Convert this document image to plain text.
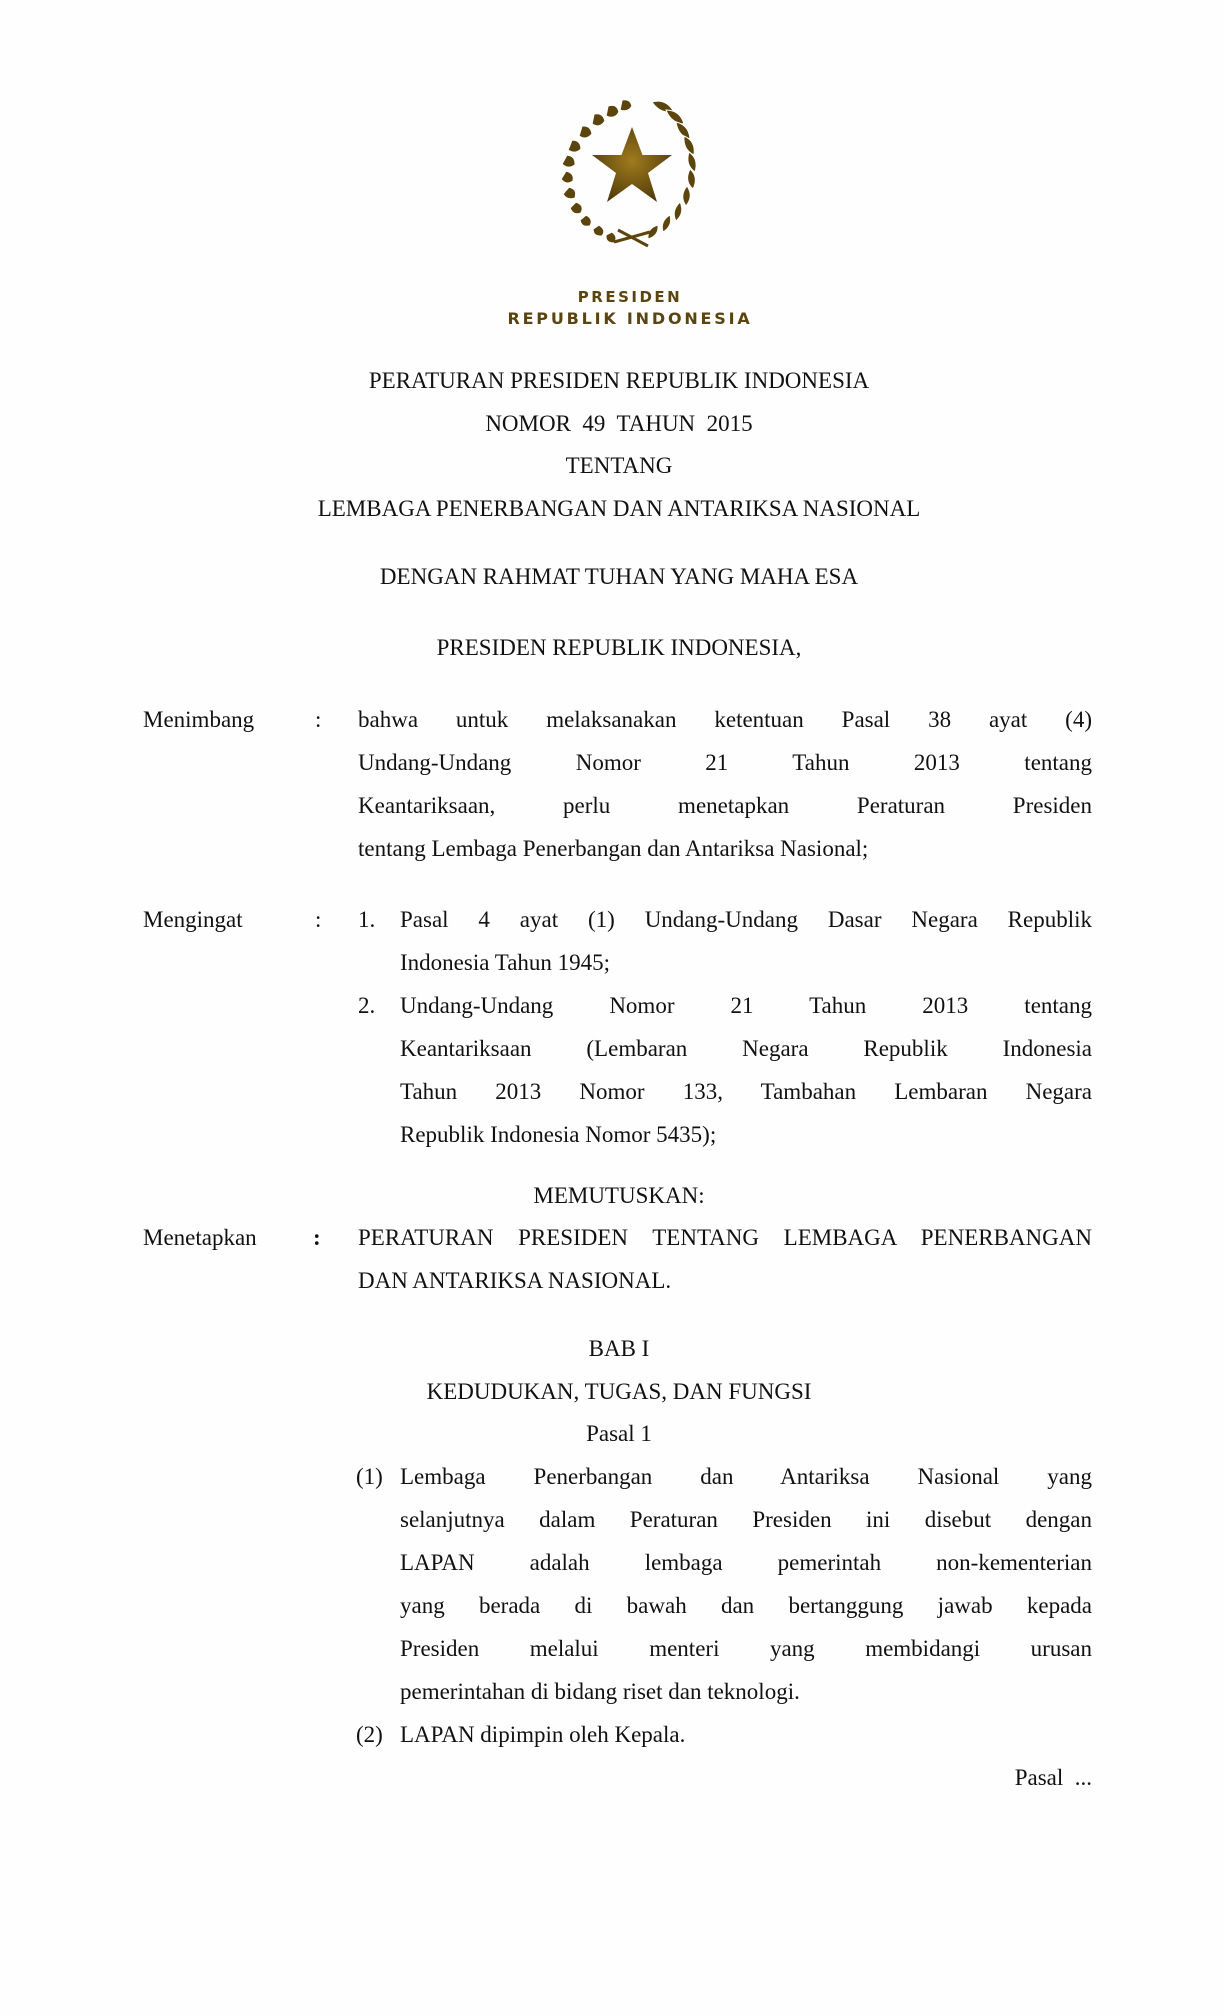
PRESIDEN
REPUBLIK INDONESIA
PERATURAN PRESIDEN REPUBLIK INDONESIA
NOMOR  49  TAHUN  2015
TENTANG
LEMBAGA PENERBANGAN DAN ANTARIKSA NASIONAL
DENGAN RAHMAT TUHAN YANG MAHA ESA
PRESIDEN REPUBLIK INDONESIA,
Menimbang	: bahwa untuk melaksanakan ketentuan Pasal 38 ayat (4)
Undang-Undang Nomor 21 Tahun 2013 tentang
Keantariksaan, perlu menetapkan Peraturan Presiden
tentang Lembaga Penerbangan dan Antariksa Nasional;
Mengingat	: 1. Pasal 4 ayat (1) Undang-Undang Dasar Negara Republik
Indonesia Tahun 1945;
2. Undang-Undang Nomor 21 Tahun 2013 tentang
Keantariksaan (Lembaran Negara Republik Indonesia
Tahun 2013 Nomor 133, Tambahan Lembaran Negara
Republik Indonesia Nomor 5435);
MEMUTUSKAN:
Menetapkan : PERATURAN PRESIDEN TENTANG LEMBAGA PENERBANGAN
DAN ANTARIKSA NASIONAL.
BAB I
KEDUDUKAN, TUGAS, DAN FUNGSI
Pasal 1
(1) Lembaga Penerbangan dan Antariksa Nasional yang
selanjutnya dalam Peraturan Presiden ini disebut dengan
LAPAN adalah lembaga pemerintah non-kementerian
yang berada di bawah dan bertanggung jawab kepada
Presiden melalui menteri yang membidangi urusan
pemerintahan di bidang riset dan teknologi.
(2) LAPAN dipimpin oleh Kepala.
Pasal  ...
